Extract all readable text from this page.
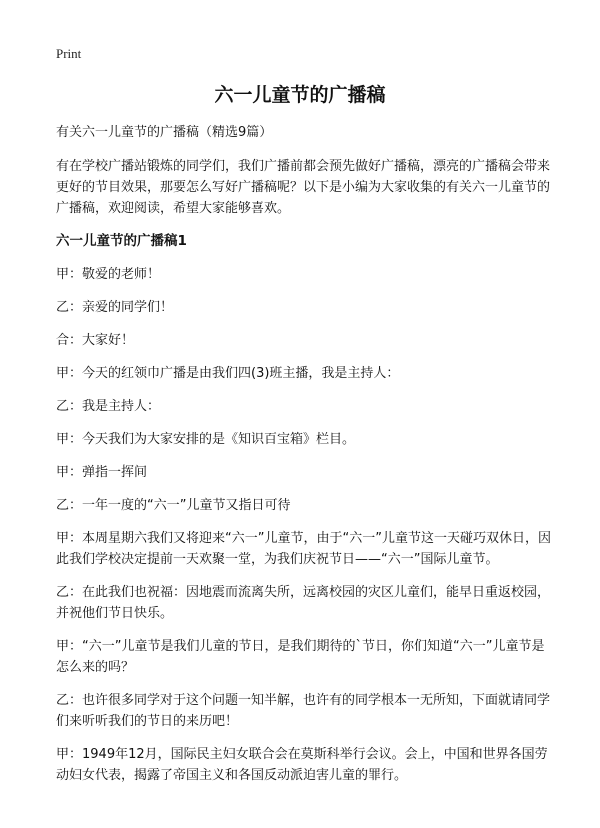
Print
六一儿童节的广播稿

有关六一儿童节的广播稿（精选9篇）

有在学校广播站锻炼的同学们，我们广播前都会预先做好广播稿，漂亮的广播稿会带来更好的节目效果，那要怎么写好广播稿呢？以下是小编为大家收集的有关六一儿童节的广播稿，欢迎阅读，希望大家能够喜欢。

六一儿童节的广播稿1

甲：敬爱的老师！

乙：亲爱的同学们！

合：大家好！

甲：今天的红领巾广播是由我们四(3)班主播，我是主持人：

乙：我是主持人：

甲：今天我们为大家安排的是《知识百宝箱》栏目。

甲：弹指一挥间

乙：一年一度的“六一”儿童节又指日可待

甲：本周星期六我们又将迎来“六一”儿童节，由于“六一”儿童节这一天碰巧双休日，因此我们学校决定提前一天欢聚一堂，为我们庆祝节日——“六一”国际儿童节。

乙：在此我们也祝福：因地震而流离失所，远离校园的灾区儿童们，能早日重返校园，并祝他们节日快乐。

甲：“六一”儿童节是我们儿童的节日，是我们期待的`节日，你们知道“六一”儿童节是怎么来的吗？

乙：也许很多同学对于这个问题一知半解，也许有的同学根本一无所知，下面就请同学们来听听我们的节日的来历吧！

甲：1949年12月，国际民主妇女联合会在莫斯科举行会议。会上，中国和世界各国劳动妇女代表，揭露了帝国主义和各国反动派迫害儿童的罪行。
